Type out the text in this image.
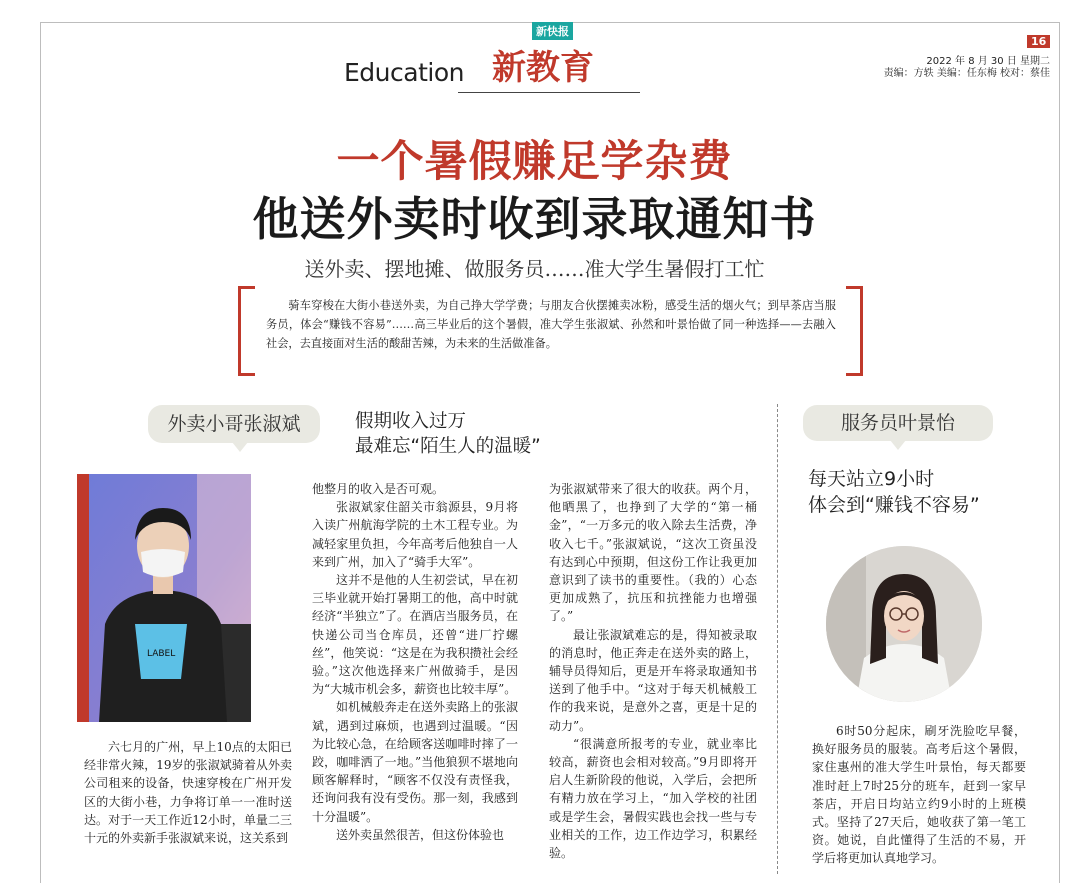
新快报
Education 新教育
16
2022 年 8 月 30 日 星期二
责编：方轶 美编：任东梅 校对：蔡佳
一个暑假赚足学杂费
他送外卖时收到录取通知书
送外卖、摆地摊、做服务员……准大学生暑假打工忙
骑车穿梭在大街小巷送外卖，为自己挣大学学费；与朋友合伙摆摊卖冰粉，感受生活的烟火气；到早茶店当服务员，体会“赚钱不容易”……高三毕业后的这个暑假，准大学生张淑斌、孙然和叶景怡做了同一种选择——去融入社会，去直接面对生活的酸甜苦辣，为未来的生活做准备。
外卖小哥张淑斌	假期收入过万
最难忘“陌生人的温暖”
服务员叶景怡
每天站立9小时
体会到“赚钱不容易”
LABEL

六七月的广州，早上10点的太阳已经非常火辣，19岁的张淑斌骑着从外卖公司租来的设备，快速穿梭在广州开发区的大街小巷，力争将订单一一准时送达。对于一天工作近12小时，单量二三十元的外卖新手张淑斌来说，这关系到

他整月的收入是否可观。

张淑斌家住韶关市翁源县，9月将入读广州航海学院的土木工程专业。为减轻家里负担，今年高考后他独自一人来到广州，加入了“骑手大军”。

这并不是他的人生初尝试，早在初三毕业就开始打暑期工的他，高中时就经济“半独立”了。在酒店当服务员，在快递公司当仓库员，还曾“进厂拧螺丝”，他笑说：“这是在为我积攒社会经验。”这次他选择来广州做骑手，是因为“大城市机会多，薪资也比较丰厚”。

如机械般奔走在送外卖路上的张淑斌，遇到过麻烦，也遇到过温暖。“因为比较心急，在给顾客送咖啡时摔了一跤，咖啡洒了一地。”当他狼狈不堪地向顾客解释时，“顾客不仅没有责怪我，还询问我有没有受伤。那一刻，我感到十分温暖”。

送外卖虽然很苦，但这份体验也

为张淑斌带来了很大的收获。两个月，他晒黑了，也挣到了大学的“第一桶金”，“一万多元的收入除去生活费，净收入七千。”张淑斌说，“这次工资虽没有达到心中预期，但这份工作让我更加意识到了读书的重要性。（我的）心态更加成熟了，抗压和抗挫能力也增强了。”

最让张淑斌难忘的是，得知被录取的消息时，他正奔走在送外卖的路上，辅导员得知后，更是开车将录取通知书送到了他手中。“这对于每天机械般工作的我来说，是意外之喜，更是十足的动力”。

“很满意所报考的专业，就业率比较高，薪资也会相对较高。”9月即将开启人生新阶段的他说，入学后，会把所有精力放在学习上，“加入学校的社团或是学生会，暑假实践也会找一些与专业相关的工作，边工作边学习，积累经验。

6时50分起床，刷牙洗脸吃早餐，换好服务员的服装。高考后这个暑假，家住惠州的准大学生叶景怡，每天都要准时赶上7时25分的班车，赶到一家早茶店，开启日均站立约9小时的上班模式。坚持了27天后，她收获了第一笔工资。她说，自此懂得了生活的不易，开学后将更加认真地学习。
